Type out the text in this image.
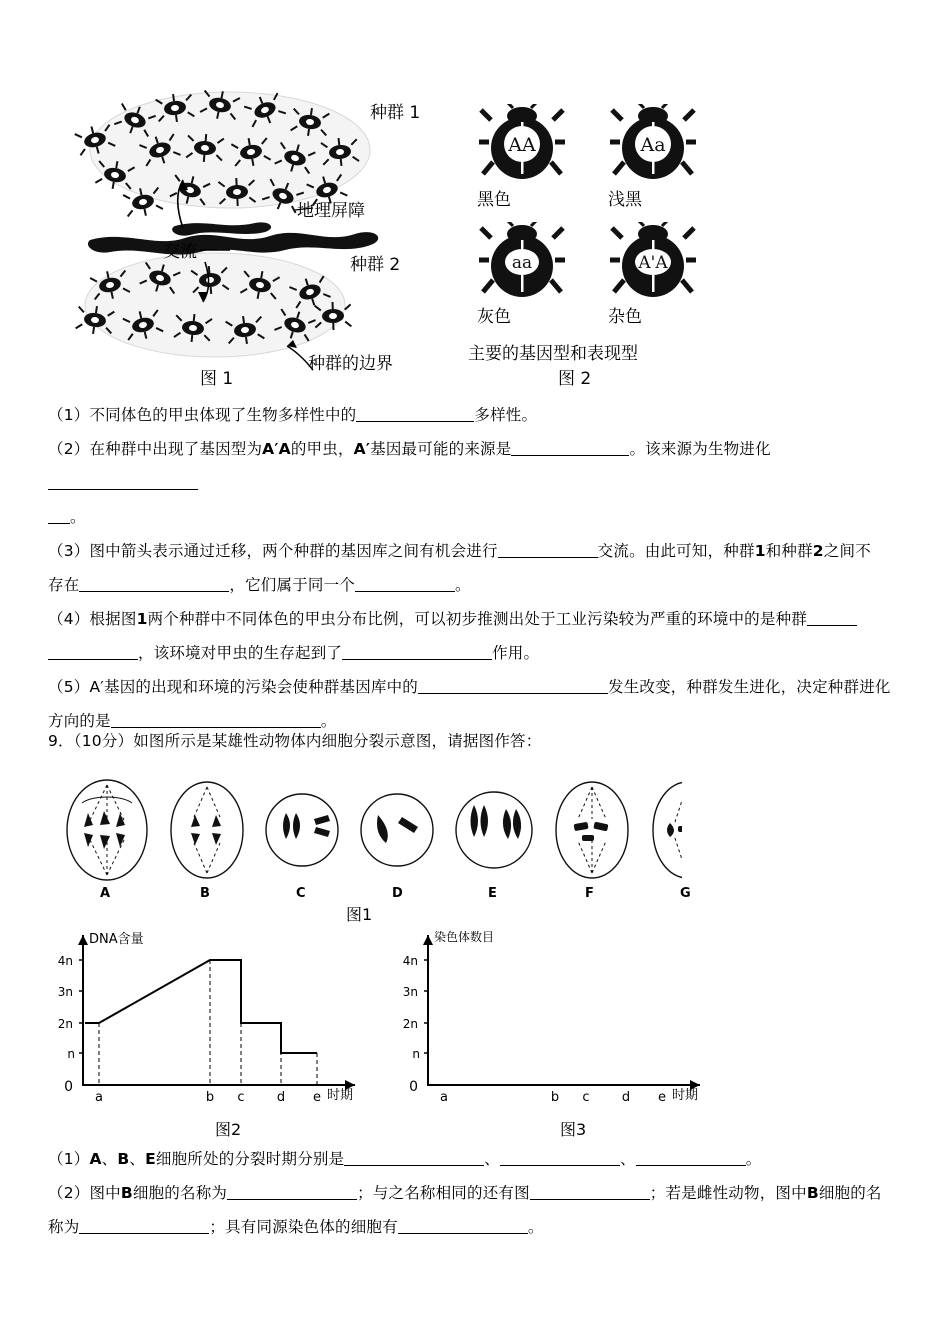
种群 1
地理屏障
交流
种群 2
种群的边界
图 1
AA
黑色
Aa
浅黑
aa
灰色
A'A
杂色
主要的基因型和表现型
图 2
（1）不同体色的甲虫体现了生物多样性中的	多样性。
（2）在种群中出现了基因型为A′A的甲虫，A′基因最可能的来源是	。该来源为生物进化
。
（3）图中箭头表示通过迁移，两个种群的基因库之间有机会进行	交流。由此可知，种群1和种群2之间不
存在	，它们属于同一个	。
（4）根据图1两个种群中不同体色的甲虫分布比例，可以初步推测出处于工业污染较为严重的环境中的是种群
，该环境对甲虫的生存起到了	作用。
（5）A′基因的出现和环境的污染会使种群基因库中的	发生改变，种群发生进化，决定种群进化
方向的是	。
9．（10分）如图所示是某雄性动物体内细胞分裂示意图，请据图作答：
A	B	C	D	E	F	G
图1
4n
3n
2n
n
0
DNA含量
a	b c d e 时期
图2
4n
3n
2n
n
0
染色体数目
a	b c d e 时期
图3
（1）A、B、E细胞所处的分裂时期分别是	、	、	。
（2）图中B细胞的名称为	；与之名称相同的还有图	；若是雌性动物，图中B细胞的名
称为	；具有同源染色体的细胞有	。
